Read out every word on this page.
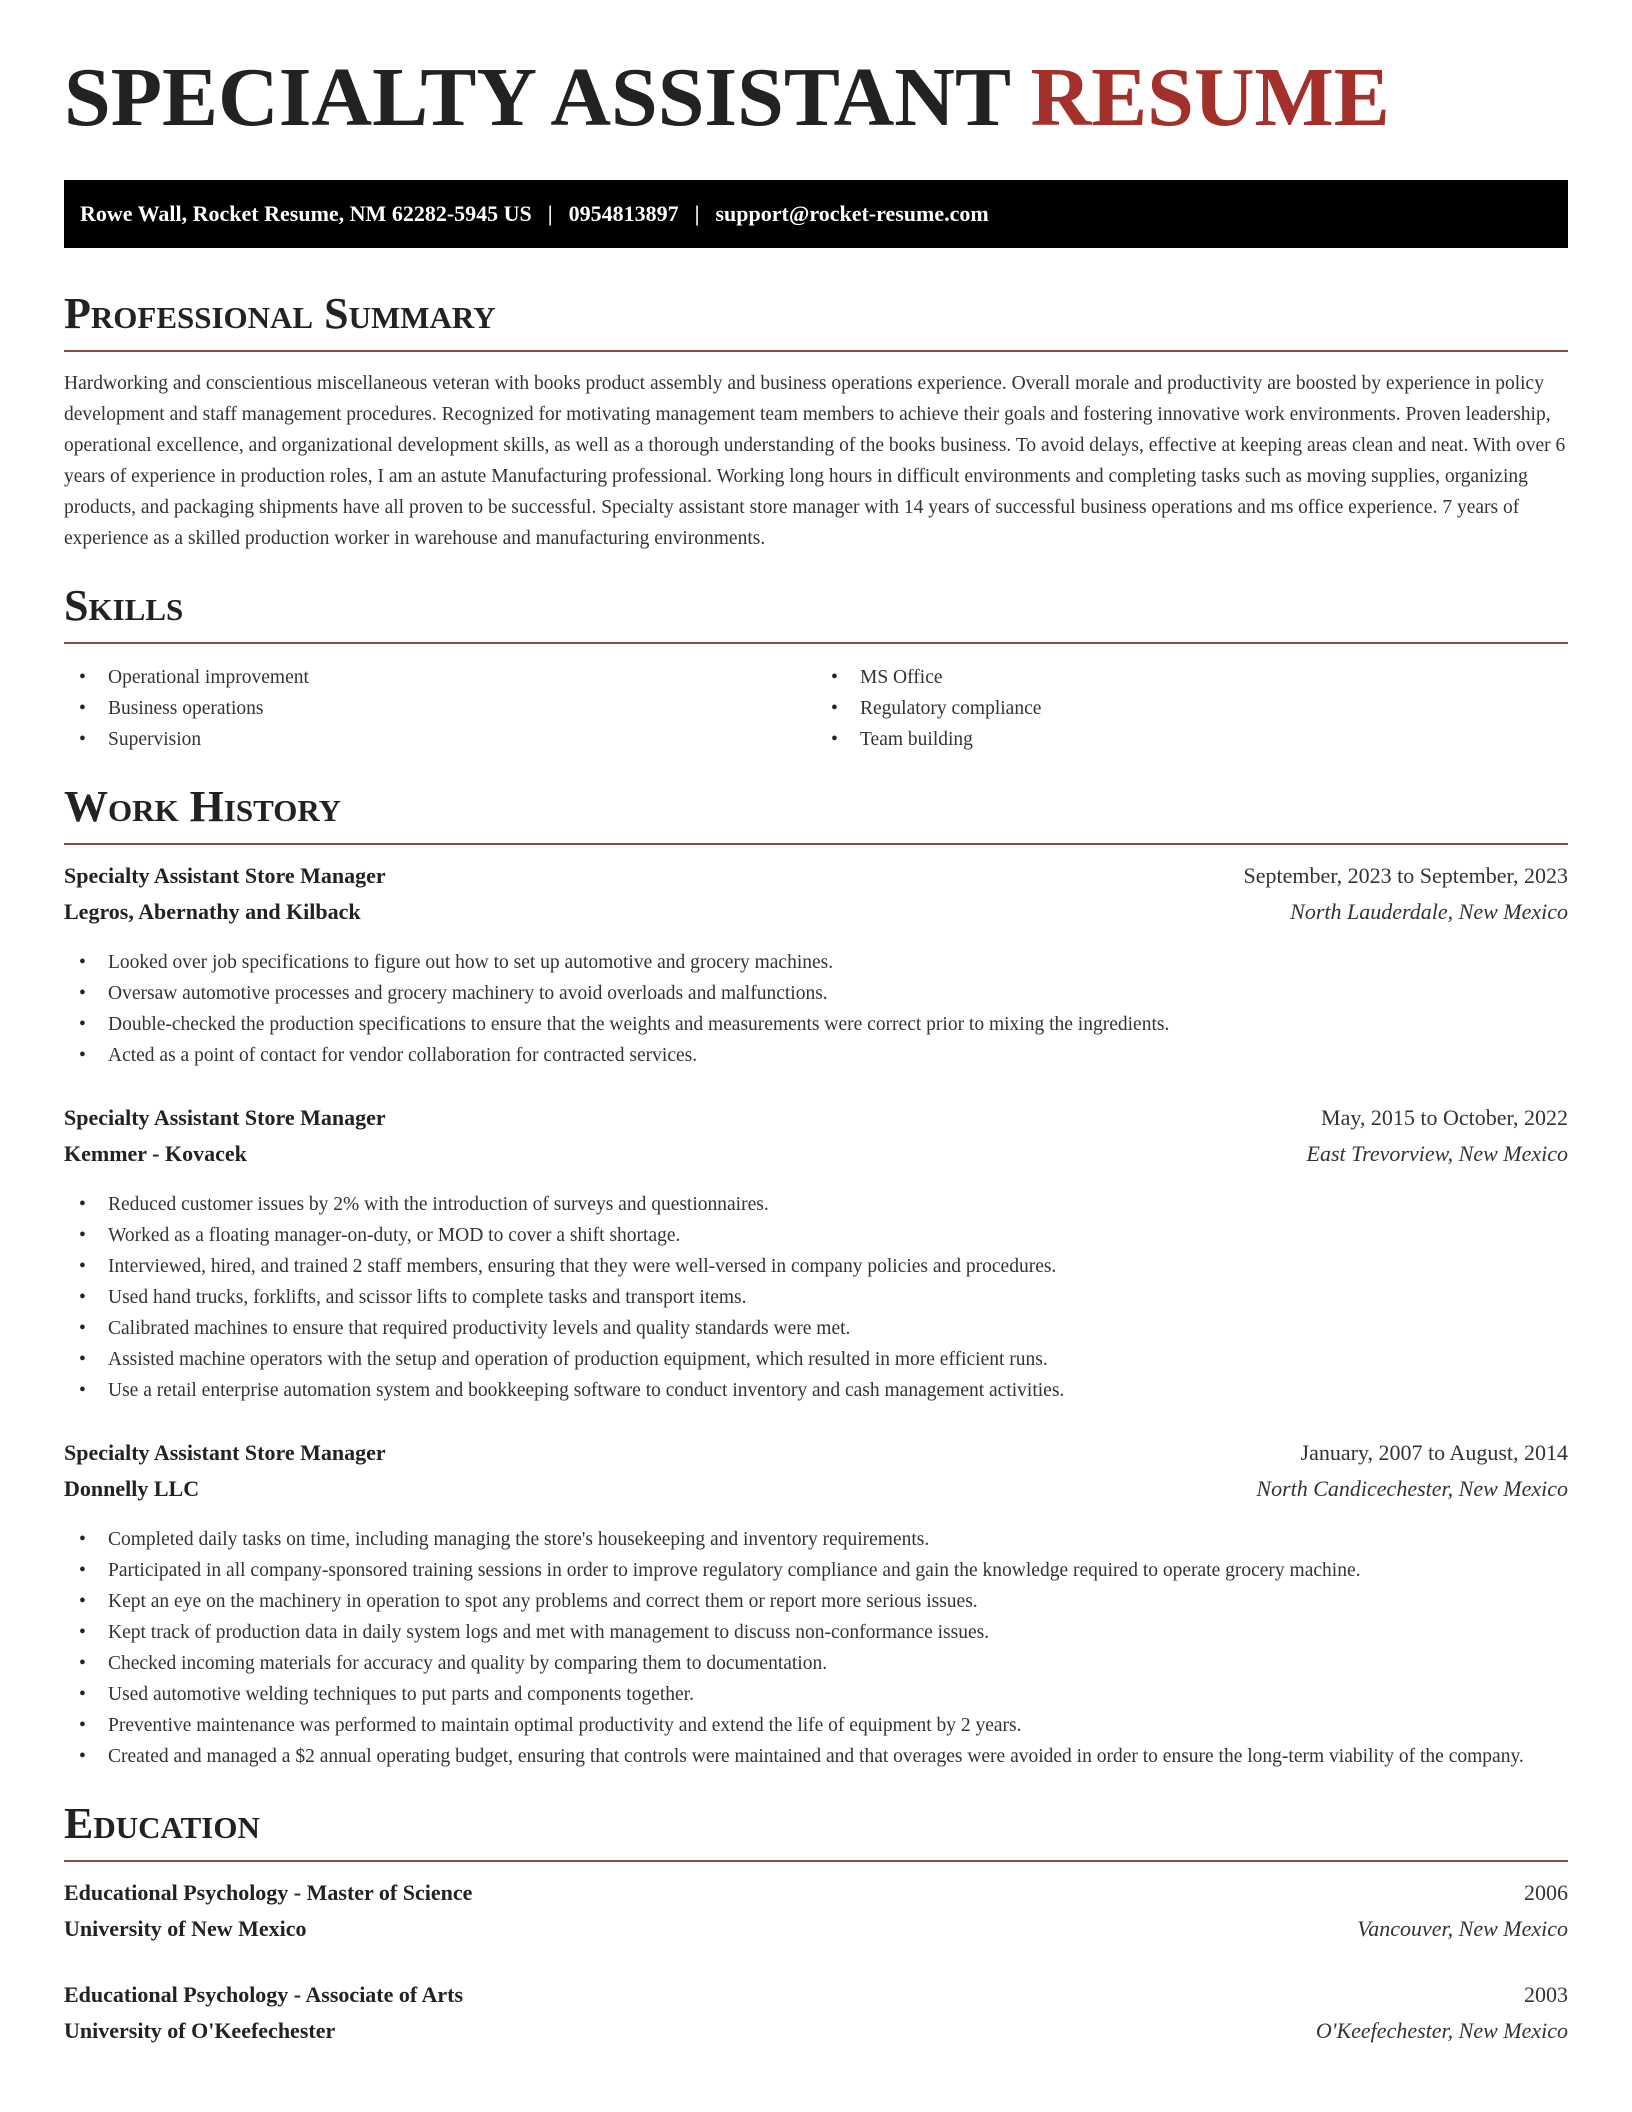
SPECIALTY ASSISTANT RESUME
Rowe Wall, Rocket Resume, NM 62282-5945 US | 0954813897 | support@rocket-resume.com
Professional Summary

Hardworking and conscientious miscellaneous veteran with books product assembly and business operations experience. Overall morale and productivity are boosted by experience in policy development and staff management procedures. Recognized for motivating management team members to achieve their goals and fostering innovative work environments. Proven leadership, operational excellence, and organizational development skills, as well as a thorough understanding of the books business. To avoid delays, effective at keeping areas clean and neat. With over 6 years of experience in production roles, I am an astute Manufacturing professional. Working long hours in difficult environments and completing tasks such as moving supplies, organizing products, and packaging shipments have all proven to be successful. Specialty assistant store manager with 14 years of successful business operations and ms office experience. 7 years of experience as a skilled production worker in warehouse and manufacturing environments.

Skills
• Operational improvement
• Business operations
• Supervision
• MS Office
• Regulatory compliance
• Team building
Work History
Specialty Assistant Store Manager	September, 2023 to September, 2023
Legros, Abernathy and Kilback	North Lauderdale, New Mexico
• Looked over job specifications to figure out how to set up automotive and grocery machines.
• Oversaw automotive processes and grocery machinery to avoid overloads and malfunctions.
• Double-checked the production specifications to ensure that the weights and measurements were correct prior to mixing the ingredients.
• Acted as a point of contact for vendor collaboration for contracted services.
Specialty Assistant Store Manager	May, 2015 to October, 2022
Kemmer - Kovacek	East Trevorview, New Mexico
• Reduced customer issues by 2% with the introduction of surveys and questionnaires.
• Worked as a floating manager-on-duty, or MOD to cover a shift shortage.
• Interviewed, hired, and trained 2 staff members, ensuring that they were well-versed in company policies and procedures.
• Used hand trucks, forklifts, and scissor lifts to complete tasks and transport items.
• Calibrated machines to ensure that required productivity levels and quality standards were met.
• Assisted machine operators with the setup and operation of production equipment, which resulted in more efficient runs.
• Use a retail enterprise automation system and bookkeeping software to conduct inventory and cash management activities.
Specialty Assistant Store Manager	January, 2007 to August, 2014
Donnelly LLC	North Candicechester, New Mexico
• Completed daily tasks on time, including managing the store's housekeeping and inventory requirements.
• Participated in all company-sponsored training sessions in order to improve regulatory compliance and gain the knowledge required to operate grocery machine.
• Kept an eye on the machinery in operation to spot any problems and correct them or report more serious issues.
• Kept track of production data in daily system logs and met with management to discuss non-conformance issues.
• Checked incoming materials for accuracy and quality by comparing them to documentation.
• Used automotive welding techniques to put parts and components together.
• Preventive maintenance was performed to maintain optimal productivity and extend the life of equipment by 2 years.
• Created and managed a $2 annual operating budget, ensuring that controls were maintained and that overages were avoided in order to ensure the long-term viability of the company.
Education
Educational Psychology - Master of Science	2006
University of New Mexico	Vancouver, New Mexico
Educational Psychology - Associate of Arts	2003
University of O'Keefechester	O'Keefechester, New Mexico
